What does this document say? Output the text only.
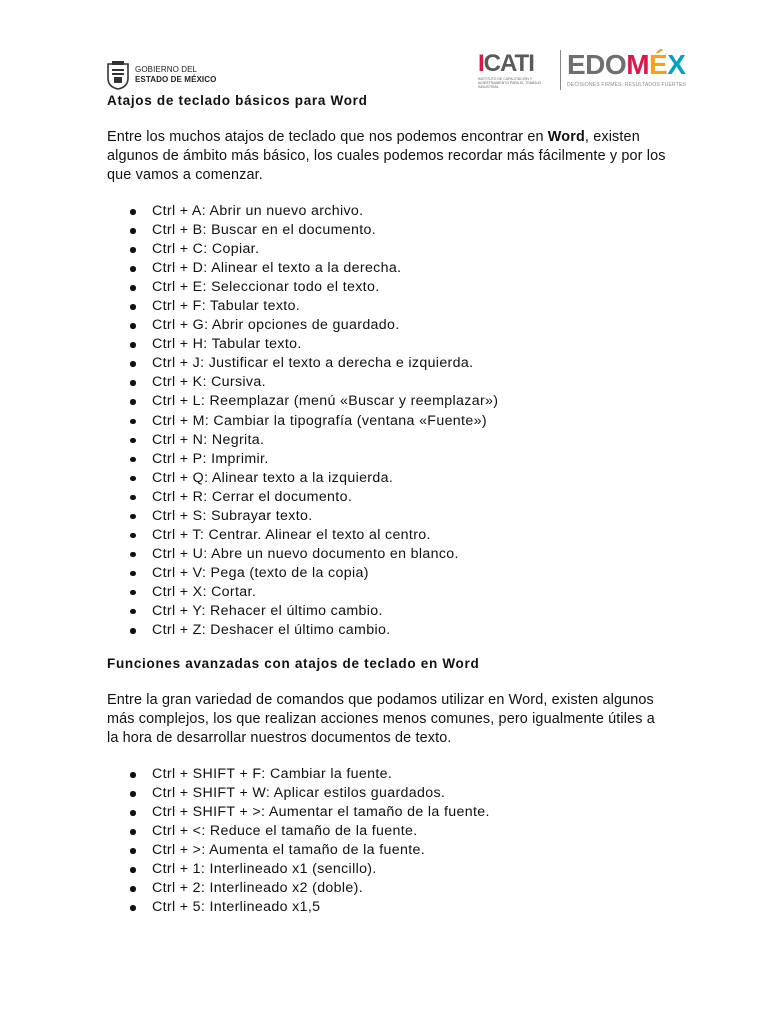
GOBIERNO DEL
ESTADO DE MÉXICO
ICATI
INSTITUTO DE CAPACITACIÓN Y ADIESTRAMIENTO PARA EL TRABAJO INDUSTRIAL
EDOMÉX
DECISIONES FIRMES, RESULTADOS FUERTES

Atajos de teclado básicos para Word

Entre los muchos atajos de teclado que nos podemos encontrar en Word, existen algunos de ámbito más básico, los cuales podemos recordar más fácilmente y por los que vamos a comenzar.

Ctrl + A: Abrir un nuevo archivo.
Ctrl + B: Buscar en el documento.
Ctrl + C: Copiar.
Ctrl + D: Alinear el texto a la derecha.
Ctrl + E: Seleccionar todo el texto.
Ctrl + F: Tabular texto.
Ctrl + G: Abrir opciones de guardado.
Ctrl + H: Tabular texto.
Ctrl + J: Justificar el texto a derecha e izquierda.
Ctrl + K: Cursiva.
Ctrl + L: Reemplazar (menú «Buscar y reemplazar»)
Ctrl + M: Cambiar la tipografía (ventana «Fuente»)
Ctrl + N: Negrita.
Ctrl + P: Imprimir.
Ctrl + Q: Alinear texto a la izquierda.
Ctrl + R: Cerrar el documento.
Ctrl + S: Subrayar texto.
Ctrl + T: Centrar. Alinear el texto al centro.
Ctrl + U: Abre un nuevo documento en blanco.
Ctrl + V: Pega (texto de la copia)
Ctrl + X: Cortar.
Ctrl + Y: Rehacer el último cambio.
Ctrl + Z: Deshacer el último cambio.

Funciones avanzadas con atajos de teclado en Word

Entre la gran variedad de comandos que podamos utilizar en Word, existen algunos más complejos, los que realizan acciones menos comunes, pero igualmente útiles a la hora de desarrollar nuestros documentos de texto.

Ctrl + SHIFT + F: Cambiar la fuente.
Ctrl + SHIFT + W: Aplicar estilos guardados.
Ctrl + SHIFT + >: Aumentar el tamaño de la fuente.
Ctrl + <: Reduce el tamaño de la fuente.
Ctrl + >: Aumenta el tamaño de la fuente.
Ctrl + 1: Interlineado x1 (sencillo).
Ctrl + 2: Interlineado x2 (doble).
Ctrl + 5: Interlineado x1,5
